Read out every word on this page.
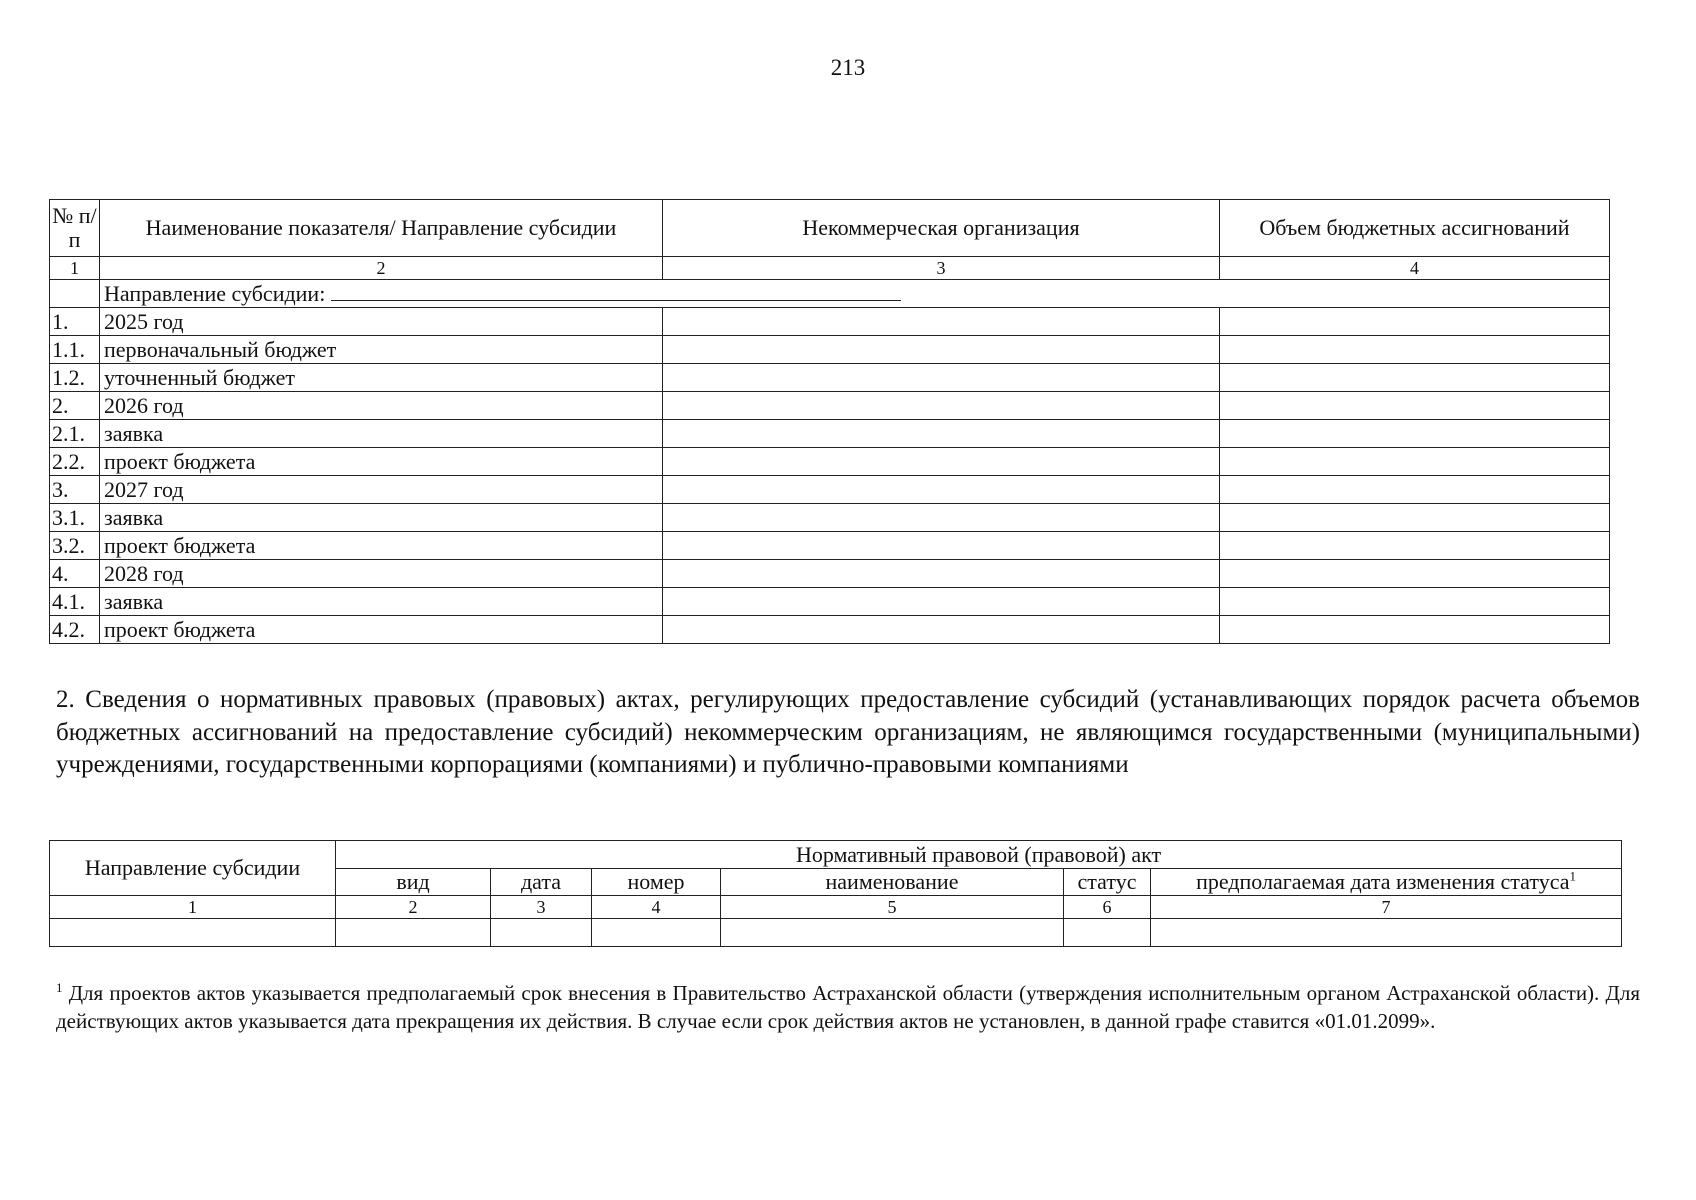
213
№ п/п	Наименование показателя/ Направление субсидии	Некоммерческая организация	Объем бюджетных ассигнований
1	2	3	4
	Направление субсидии:		
1.	2025 год		
1.1.	первоначальный бюджет		
1.2.	уточненный бюджет		
2.	2026 год		
2.1.	заявка		
2.2.	проект бюджета		
3.	2027 год		
3.1.	заявка		
3.2.	проект бюджета		
4.	2028 год		
4.1.	заявка		
4.2.	проект бюджета		
2. Сведения о нормативных правовых (правовых) актах, регулирующих предоставление субсидий (устанавливающих порядок расчета объемов бюджетных ассигнований на предоставление субсидий) некоммерческим организациям, не являющимся государственными (муниципальными) учреждениями, государственными корпорациями (компаниями) и публично-правовыми компаниями
Направление субсидии	Нормативный правовой (правовой) акт					
	вид	дата	номер	наименование	статус	предполагаемая дата изменения статуса$^1$
1	2	3	4	5	6	7

$^1$ Для проектов актов указывается предполагаемый срок внесения в Правительство Астраханской области (утверждения исполнительным органом Астраханской области). Для действующих актов указывается дата прекращения их действия. В случае если срок действия актов не установлен, в данной графе ставится «01.01.2099».
